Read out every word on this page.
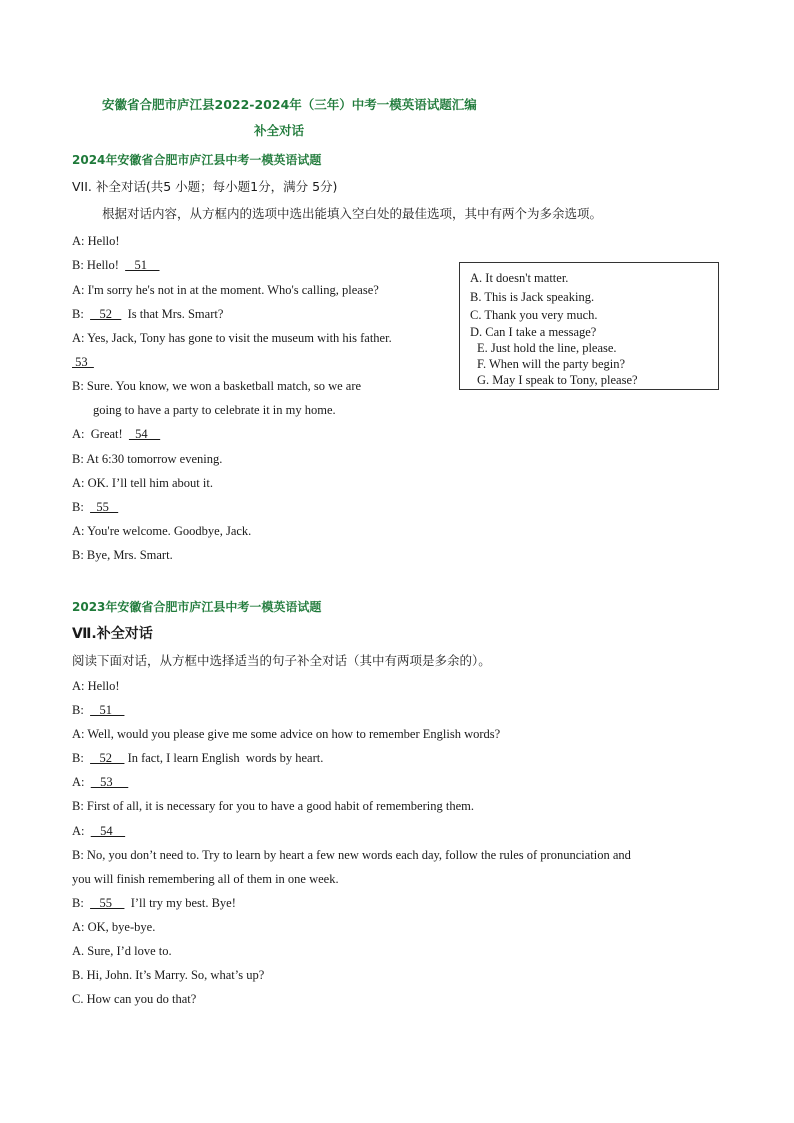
安徽省合肥市庐江县2022-2024年（三年）中考一模英语试题汇编
补全对话
2024年安徽省合肥市庐江县中考一模英语试题
VII. 补全对话(共5 小题；每小题1分，满分 5分)
根据对话内容，从方框内的选项中选出能填入空白处的最佳选项，其中有两个为多余选项。
A: Hello!
B: Hello!     51
A: I'm sorry he's not in at the moment. Who's calling, please?
B:     52     Is that Mrs. Smart?
A: Yes, Jack, Tony has gone to visit the museum with his father.
53
B: Sure. You know, we won a basketball match, so we are
going to have a party to celebrate it in my home.
A:  Great!    54
B: At 6:30 tomorrow evening.
A: OK. I’ll tell him about it.
B:    55
A: You're welcome. Goodbye, Jack.
B: Bye, Mrs. Smart.
A. It doesn't matter.
B. This is Jack speaking.
C. Thank you very much.
D. Can I take a message?
E. Just hold the line, please.
F. When will the party begin?
G. May I speak to Tony, please?
2023年安徽省合肥市庐江县中考一模英语试题
Ⅶ.补全对话
阅读下面对话，从方框中选择适当的句子补全对话（其中有两项是多余的）。
A: Hello!
B:     51
A: Well, would you please give me some advice on how to remember English words?
B:     52     In fact, I learn English  words by heart.
A:     53
B: First of all, it is necessary for you to have a good habit of remembering them.
A:     54
B: No, you don’t need to. Try to learn by heart a few new words each day, follow the rules of pronunciation and
you will finish remembering all of them in one week.
B:     55      I’ll try my best. Bye!
A: OK, bye-bye.
A. Sure, I’d love to.
B. Hi, John. It’s Marry. So, what’s up?
C. How can you do that?
